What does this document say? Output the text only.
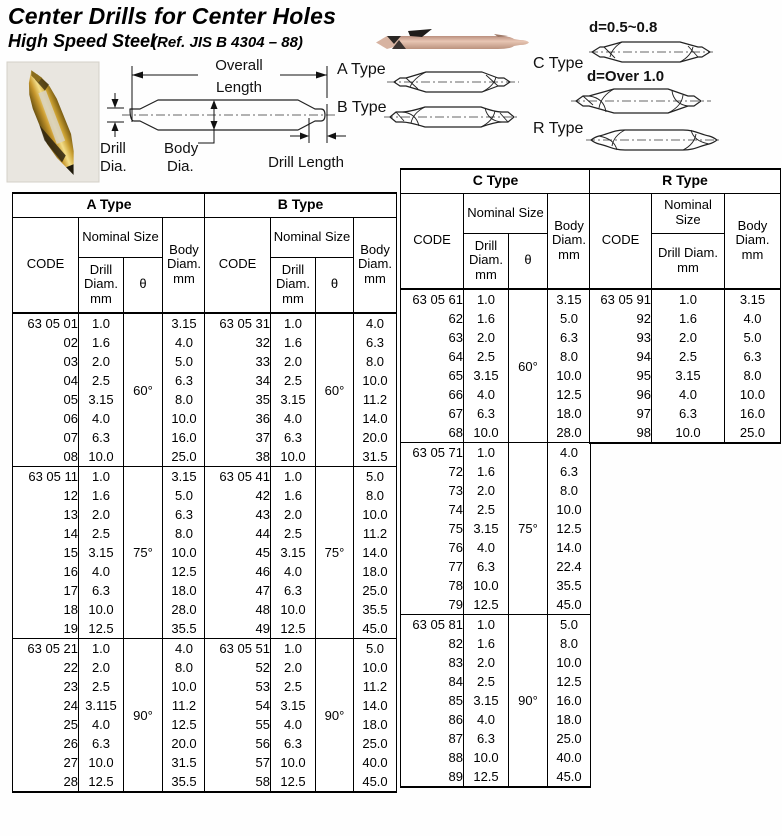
Center Drills for Center Holes
High Speed Steel
(Ref. JIS B 4304 – 88)
Overall
Length
Drill
Dia.
Body
Dia.	Drill Length
A Type
B Type
C Type
R Type
d=0.5~0.8
d=Over 1.0
A Type			
CODE	Nominal Size		Body Diam. mm
	Drill Diam. mm	θ	
63 05 01	1.0	60°	3.15
02	1.6		4.0
03	2.0		5.0
04	2.5		6.3
05	3.15		8.0
06	4.0		10.0
07	6.3		16.0
08	10.0		25.0
63 05 11	1.0	75°	3.15
12	1.6		5.0
13	2.0		6.3
14	2.5		8.0
15	3.15		10.0
16	4.0		12.5
17	6.3		18.0
18	10.0		28.0
19	12.5		35.5
63 05 21	1.0	90°	4.0
22	2.0		8.0
23	2.5		10.0
24	3.115		11.2
25	4.0		12.5
26	6.3		20.0
27	10.0		31.5
28	12.5		35.5
B Type			
CODE	Nominal Size		Body Diam. mm
	Drill Diam. mm	θ	
63 05 31	1.0	60°	4.0
32	1.6		6.3
33	2.0		8.0
34	2.5		10.0
35	3.15		11.2
36	4.0		14.0
37	6.3		20.0
38	10.0		31.5
63 05 41	1.0	75°	5.0
42	1.6		8.0
43	2.0		10.0
44	2.5		11.2
45	3.15		14.0
46	4.0		18.0
47	6.3		25.0
48	10.0		35.5
49	12.5		45.0
63 05 51	1.0	90°	5.0
52	2.0		10.0
53	2.5		11.2
54	3.15		14.0
55	4.0		18.0
56	6.3		25.0
57	10.0		40.0
58	12.5		45.0
C Type			
CODE	Nominal Size		Body Diam. mm
	Drill Diam. mm	θ	
63 05 61	1.0	60°	3.15
62	1.6		5.0
63	2.0		6.3
64	2.5		8.0
65	3.15		10.0
66	4.0		12.5
67	6.3		18.0
68	10.0		28.0
63 05 71	1.0	75°	4.0
72	1.6		6.3
73	2.0		8.0
74	2.5		10.0
75	3.15		12.5
76	4.0		14.0
77	6.3		22.4
78	10.0		35.5
79	12.5		45.0
63 05 81	1.0	90°	5.0
82	1.6		8.0
83	2.0		10.0
84	2.5		12.5
85	3.15		16.0
86	4.0		18.0
87	6.3		25.0
88	10.0		40.0
89	12.5		45.0
R Type		
CODE	Nominal Size	Body Diam. mm
	Drill Diam. mm	
63 05 91	1.0	3.15
92	1.6	4.0
93	2.0	5.0
94	2.5	6.3
95	3.15	8.0
96	4.0	10.0
97	6.3	16.0
98	10.0	25.0
